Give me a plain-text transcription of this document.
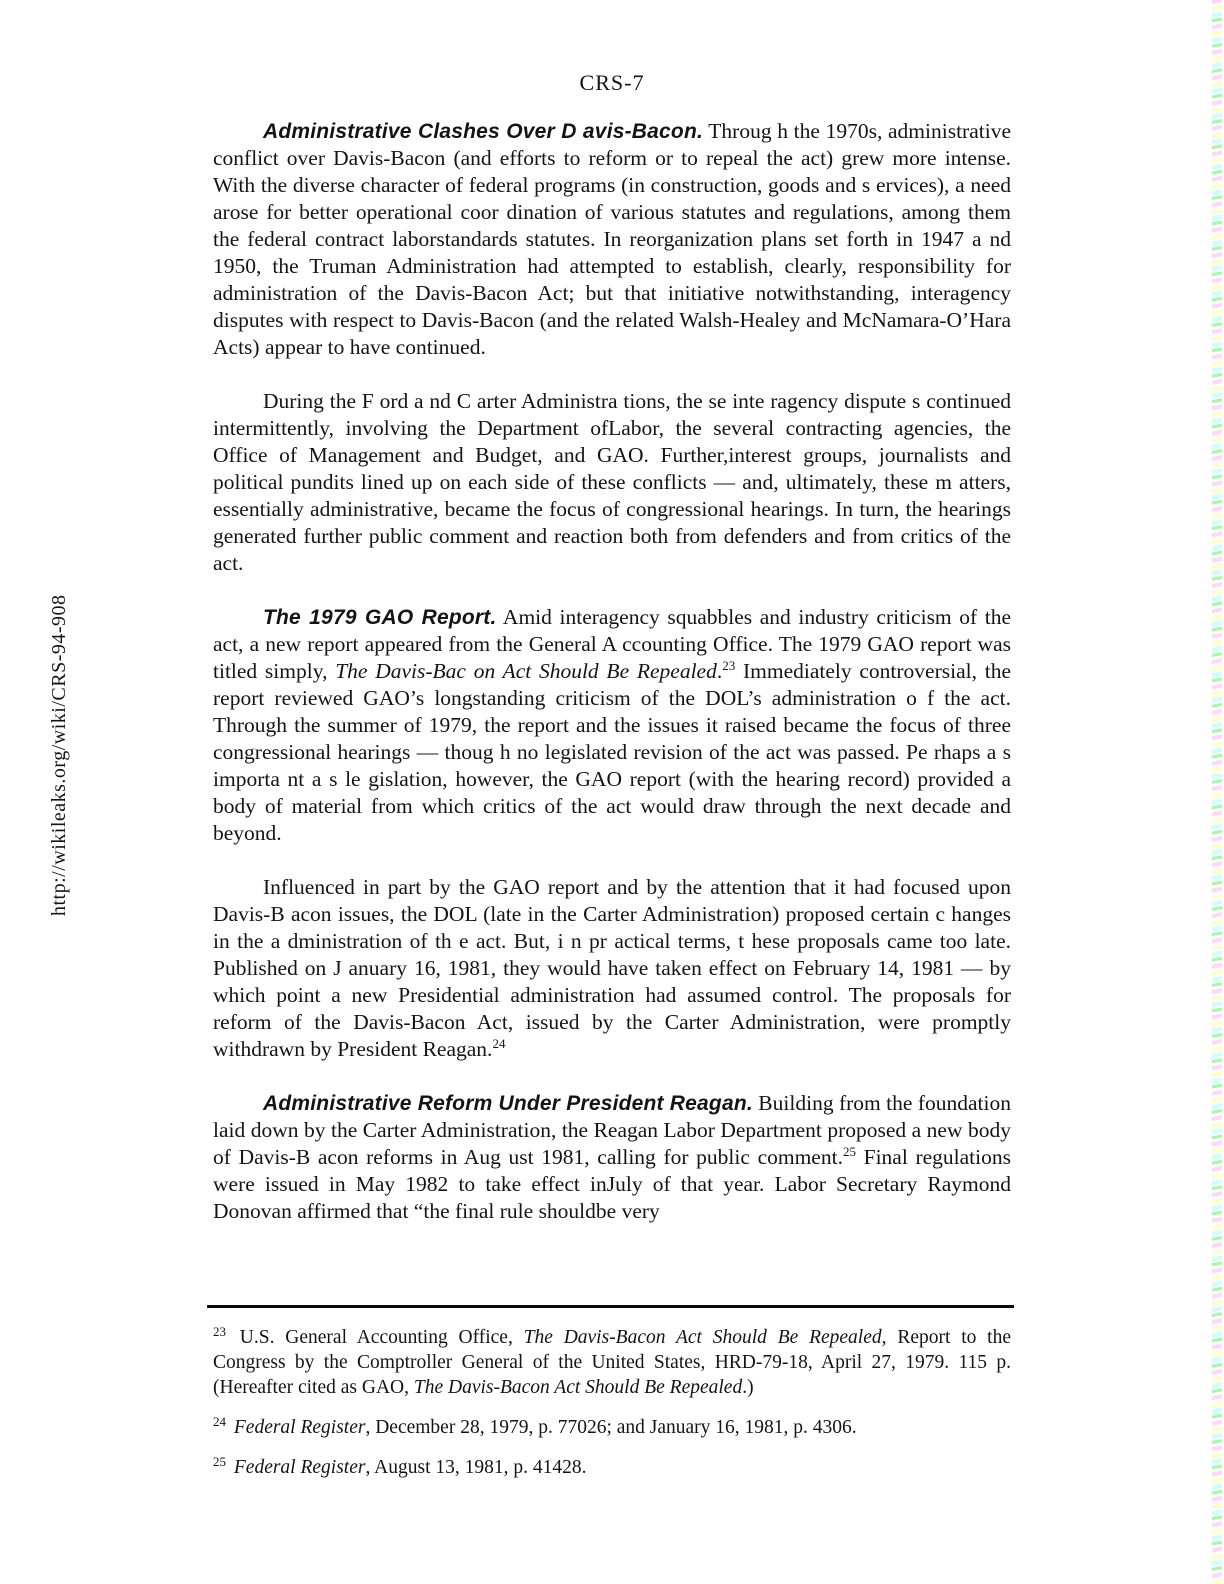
http://wikileaks.org/wiki/CRS-94-908
CRS-7
Administrative Clashes Over D avis-Bacon. Throug h the 1970s, administrative conflict over Davis-Bacon (and efforts to reform or to repeal the act) grew more intense. With the diverse character of federal programs (in construction, goods and s ervices), a need arose for better operational coor dination of various statutes and regulations, among them the federal contract laborstandards statutes. In reorganization plans set forth in 1947 a nd 1950, the Truman Administration had attempted to establish, clearly, responsibility for administration of the Davis-Bacon Act; but that initiative notwithstanding, interagency disputes with respect to Davis-Bacon (and the related Walsh-Healey and McNamara-O’Hara Acts) appear to have continued.
During the F ord a nd C arter Administra tions, the se inte ragency dispute s continued intermittently, involving the Department ofLabor, the several contracting agencies, the Office of Management and Budget, and GAO. Further,interest groups, journalists and political pundits lined up on each side of these conflicts — and, ultimately, these m atters, essentially administrative, became the focus of congressional hearings. In turn, the hearings generated further public comment and reaction both from defenders and from critics of the act.
The 1979 GAO Report. Amid interagency squabbles and industry criticism of the act, a new report appeared from the General A ccounting Office. The 1979 GAO report was titled simply, The Davis-Bac on Act Should Be Repealed.$^{23}$ Immediately controversial, the report reviewed GAO’s longstanding criticism of the DOL’s administration o f the act. Through the summer of 1979, the report and the issues it raised became the focus of three congressional hearings — thoug h no legislated revision of the act was passed. Pe rhaps a s importa nt a s le gislation, however, the GAO report (with the hearing record) provided a body of material from which critics of the act would draw through the next decade and beyond.
Influenced in part by the GAO report and by the attention that it had focused upon Davis-B acon issues, the DOL (late in the Carter Administration) proposed certain c hanges in the a dministration of th e act. But, i n pr actical terms, t hese proposals came too late. Published on J anuary 16, 1981, they would have taken effect on February 14, 1981 — by which point a new Presidential administration had assumed control. The proposals for reform of the Davis-Bacon Act, issued by the Carter Administration, were promptly withdrawn by President Reagan.$^{24}$
Administrative Reform Under President Reagan. Building from the foundation laid down by the Carter Administration, the Reagan Labor Department proposed a new body of Davis-B acon reforms in Aug ust 1981, calling for public comment.$^{25}$ Final regulations were issued in May 1982 to take effect inJuly of that year. Labor Secretary Raymond Donovan affirmed that “the final rule shouldbe very
$^{23}$ U.S. General Accounting Office, The Davis-Bacon Act Should Be Repealed, Report to the Congress by the Comptroller General of the United States, HRD-79-18, April 27, 1979. 115 p. (Hereafter cited as GAO, The Davis-Bacon Act Should Be Repealed.)
$^{24}$ Federal Register, December 28, 1979, p. 77026; and January 16, 1981, p. 4306.
$^{25}$ Federal Register, August 13, 1981, p. 41428.
